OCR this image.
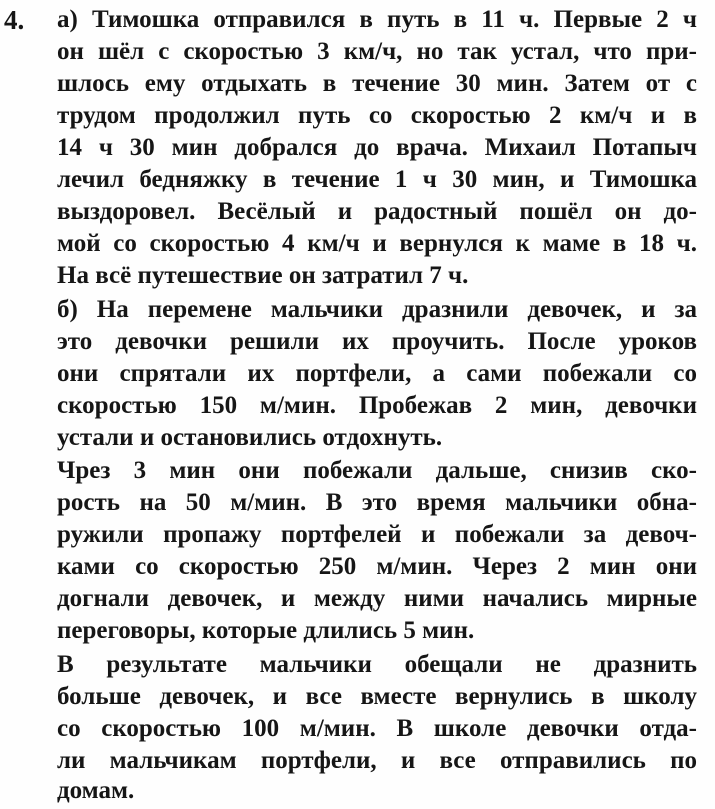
4. а) Тимошка отправился в путь в 11 ч. Первые 2 ч
он шёл с скоростью 3 км/ч, но так устал, что при-
шлось ему отдыхать в течение 30 мин. Затем от с
трудом продолжил путь со скоростью 2 км/ч и в
14 ч 30 мин добрался до врача. Михаил Потапыч
лечил бедняжку в течение 1 ч 30 мин, и Тимошка
выздоровел. Весёлый и радостный пошёл он до-
мой со скоростью 4 км/ч и вернулся к маме в 18 ч.
На всё путешествие он затратил 7 ч.
б) На перемене мальчики дразнили девочек, и за
это девочки решили их проучить. После уроков
они спрятали их портфели, а сами побежали со
скоростью 150 м/мин. Пробежав 2 мин, девочки
устали и остановились отдохнуть.
Чрез 3 мин они побежали дальше, снизив ско-
рость на 50 м/мин. В это время мальчики обна-
ружили пропажу портфелей и побежали за девоч-
ками со скоростью 250 м/мин. Через 2 мин они
догнали девочек, и между ними начались мирные
переговоры, которые длились 5 мин.
В результате мальчики обещали не дразнить
больше девочек, и все вместе вернулись в школу
со скоростью 100 м/мин. В школе девочки отда-
ли мальчикам портфели, и все отправились по
домам.
